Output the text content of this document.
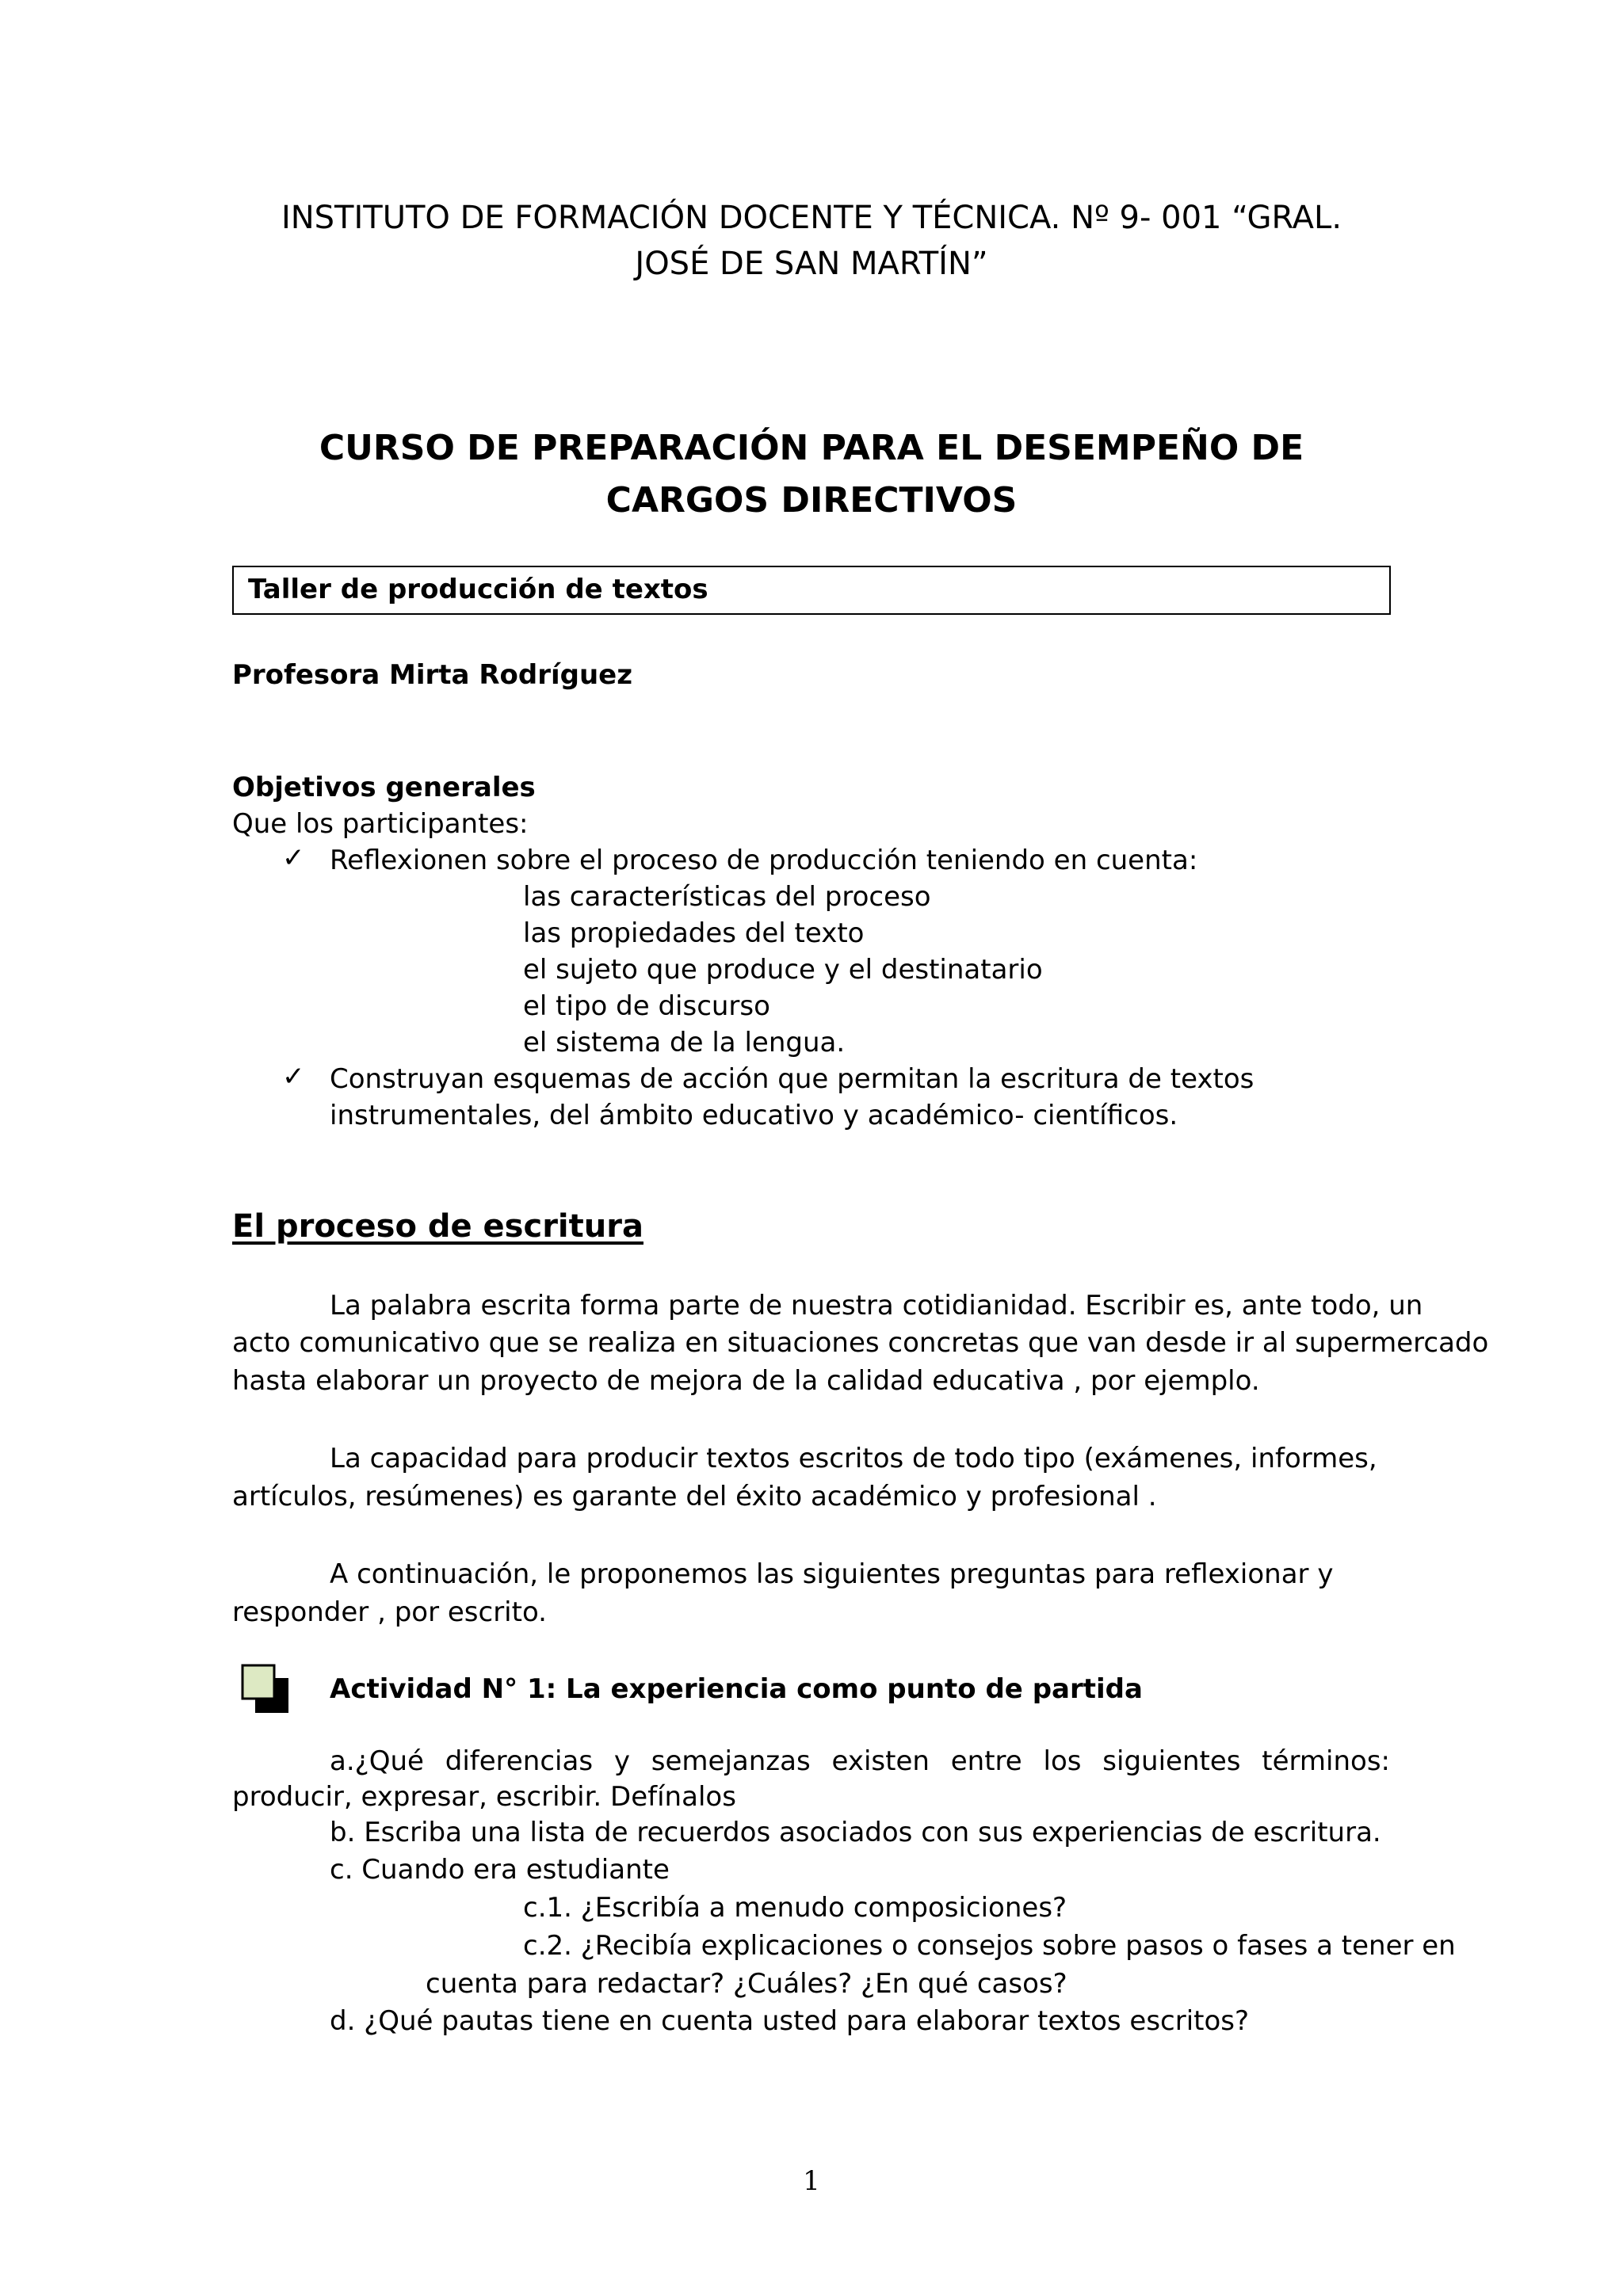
INSTITUTO DE FORMACIÓN DOCENTE Y TÉCNICA. Nº 9- 001 “GRAL.
JOSÉ DE SAN MARTÍN”
CURSO DE PREPARACIÓN PARA EL DESEMPEÑO DE
CARGOS DIRECTIVOS
Taller de producción de textos
Profesora Mirta Rodríguez
Objetivos generales
Que los participantes:
✓ Reflexionen sobre el proceso de producción teniendo en cuenta:
las características del proceso
las propiedades del texto
el sujeto que produce y el destinatario
el tipo de discurso
el sistema de la lengua.
✓ Construyan esquemas de acción que permitan la escritura de textos
instrumentales, del ámbito educativo y académico- científicos.
El proceso de escritura
La palabra escrita forma parte de nuestra cotidianidad. Escribir es, ante todo, un
acto comunicativo que se realiza en situaciones concretas que van desde ir al supermercado
hasta elaborar un proyecto de mejora de la calidad educativa , por ejemplo.
La capacidad para producir textos escritos de todo tipo (exámenes, informes,
artículos, resúmenes) es garante del éxito académico y profesional .
A continuación, le proponemos las siguientes preguntas para reflexionar y
responder , por escrito.
Actividad N° 1: La experiencia como punto de partida
a.¿Qué diferencias y semejanzas existen entre los siguientes términos:
producir, expresar, escribir. Defínalos
b. Escriba una lista de recuerdos asociados con sus experiencias de escritura.
c. Cuando era estudiante
c.1. ¿Escribía a menudo composiciones?
c.2. ¿Recibía explicaciones o consejos sobre pasos o fases a tener en
cuenta para redactar? ¿Cuáles? ¿En qué casos?
d. ¿Qué pautas tiene en cuenta usted para elaborar textos escritos?
1
